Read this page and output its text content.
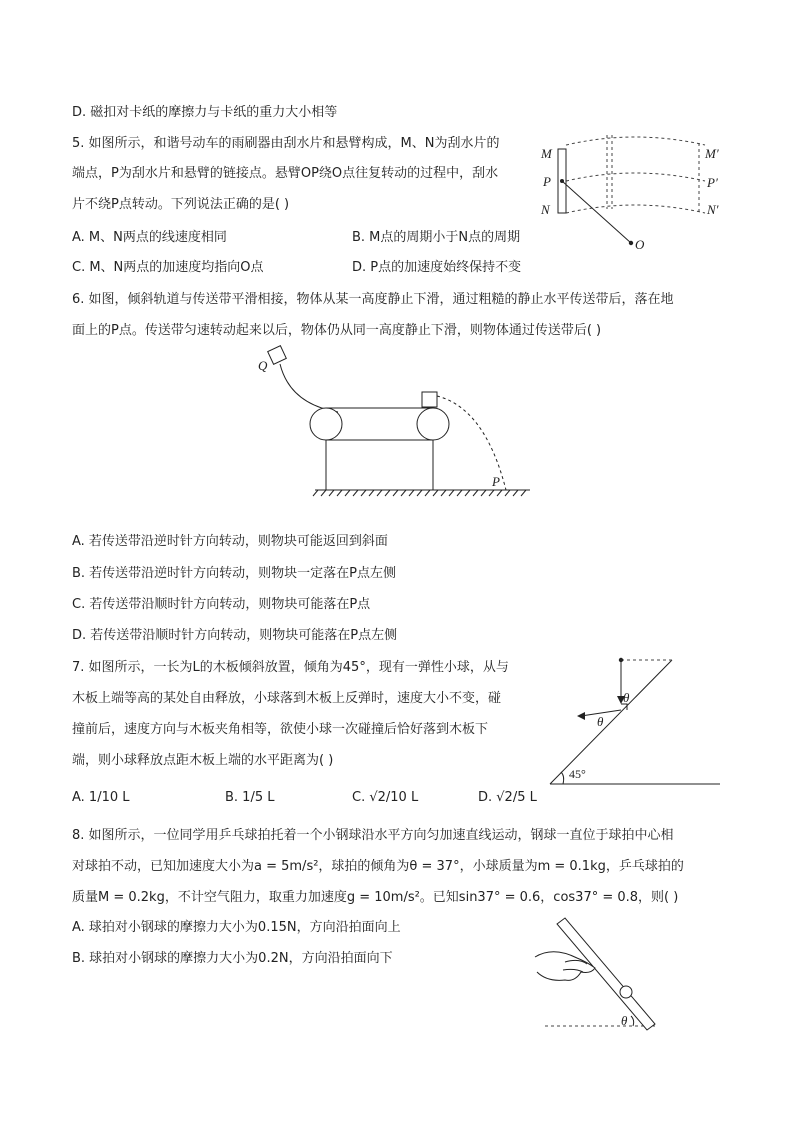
D. 磁扣对卡纸的摩擦力与卡纸的重力大小相等
5. 如图所示，和谐号动车的雨刷器由刮水片和悬臂构成，M、N为刮水片的
端点，P为刮水片和悬臂的链接点。悬臂OP绕O点往复转动的过程中，刮水
片不绕P点转动。下列说法正确的是( )
A. M、N两点的线速度相同	B. M点的周期小于N点的周期
C. M、N两点的加速度均指向O点	D. P点的加速度始终保持不变
M
P
N
M′
P′
N′
O
6. 如图，倾斜轨道与传送带平滑相接，物体从某一高度静止下滑，通过粗糙的静止水平传送带后，落在地
面上的P点。传送带匀速转动起来以后，物体仍从同一高度静止下滑，则物体通过传送带后( )
Q
P
A. 若传送带沿逆时针方向转动，则物块可能返回到斜面
B. 若传送带沿逆时针方向转动，则物块一定落在P点左侧
C. 若传送带沿顺时针方向转动，则物块可能落在P点
D. 若传送带沿顺时针方向转动，则物块可能落在P点左侧
7. 如图所示，一长为L的木板倾斜放置，倾角为45°，现有一弹性小球，从与
木板上端等高的某处自由释放，小球落到木板上反弹时，速度大小不变，碰
撞前后，速度方向与木板夹角相等，欲使小球一次碰撞后恰好落到木板下
端，则小球释放点距木板上端的水平距离为( )
A. 1/10 L	B. 1/5 L	C. √2/10 L	D. √2/5 L
θ
θ
45°
8. 如图所示，一位同学用乒乓球拍托着一个小钢球沿水平方向匀加速直线运动，钢球一直位于球拍中心相
对球拍不动，已知加速度大小为a = 5m/s²，球拍的倾角为θ = 37°，小球质量为m = 0.1kg，乒乓球拍的
质量M = 0.2kg，不计空气阻力，取重力加速度g = 10m/s²。已知sin37° = 0.6，cos37° = 0.8，则( )
A. 球拍对小钢球的摩擦力大小为0.15N，方向沿拍面向上
B. 球拍对小钢球的摩擦力大小为0.2N，方向沿拍面向下
θ
